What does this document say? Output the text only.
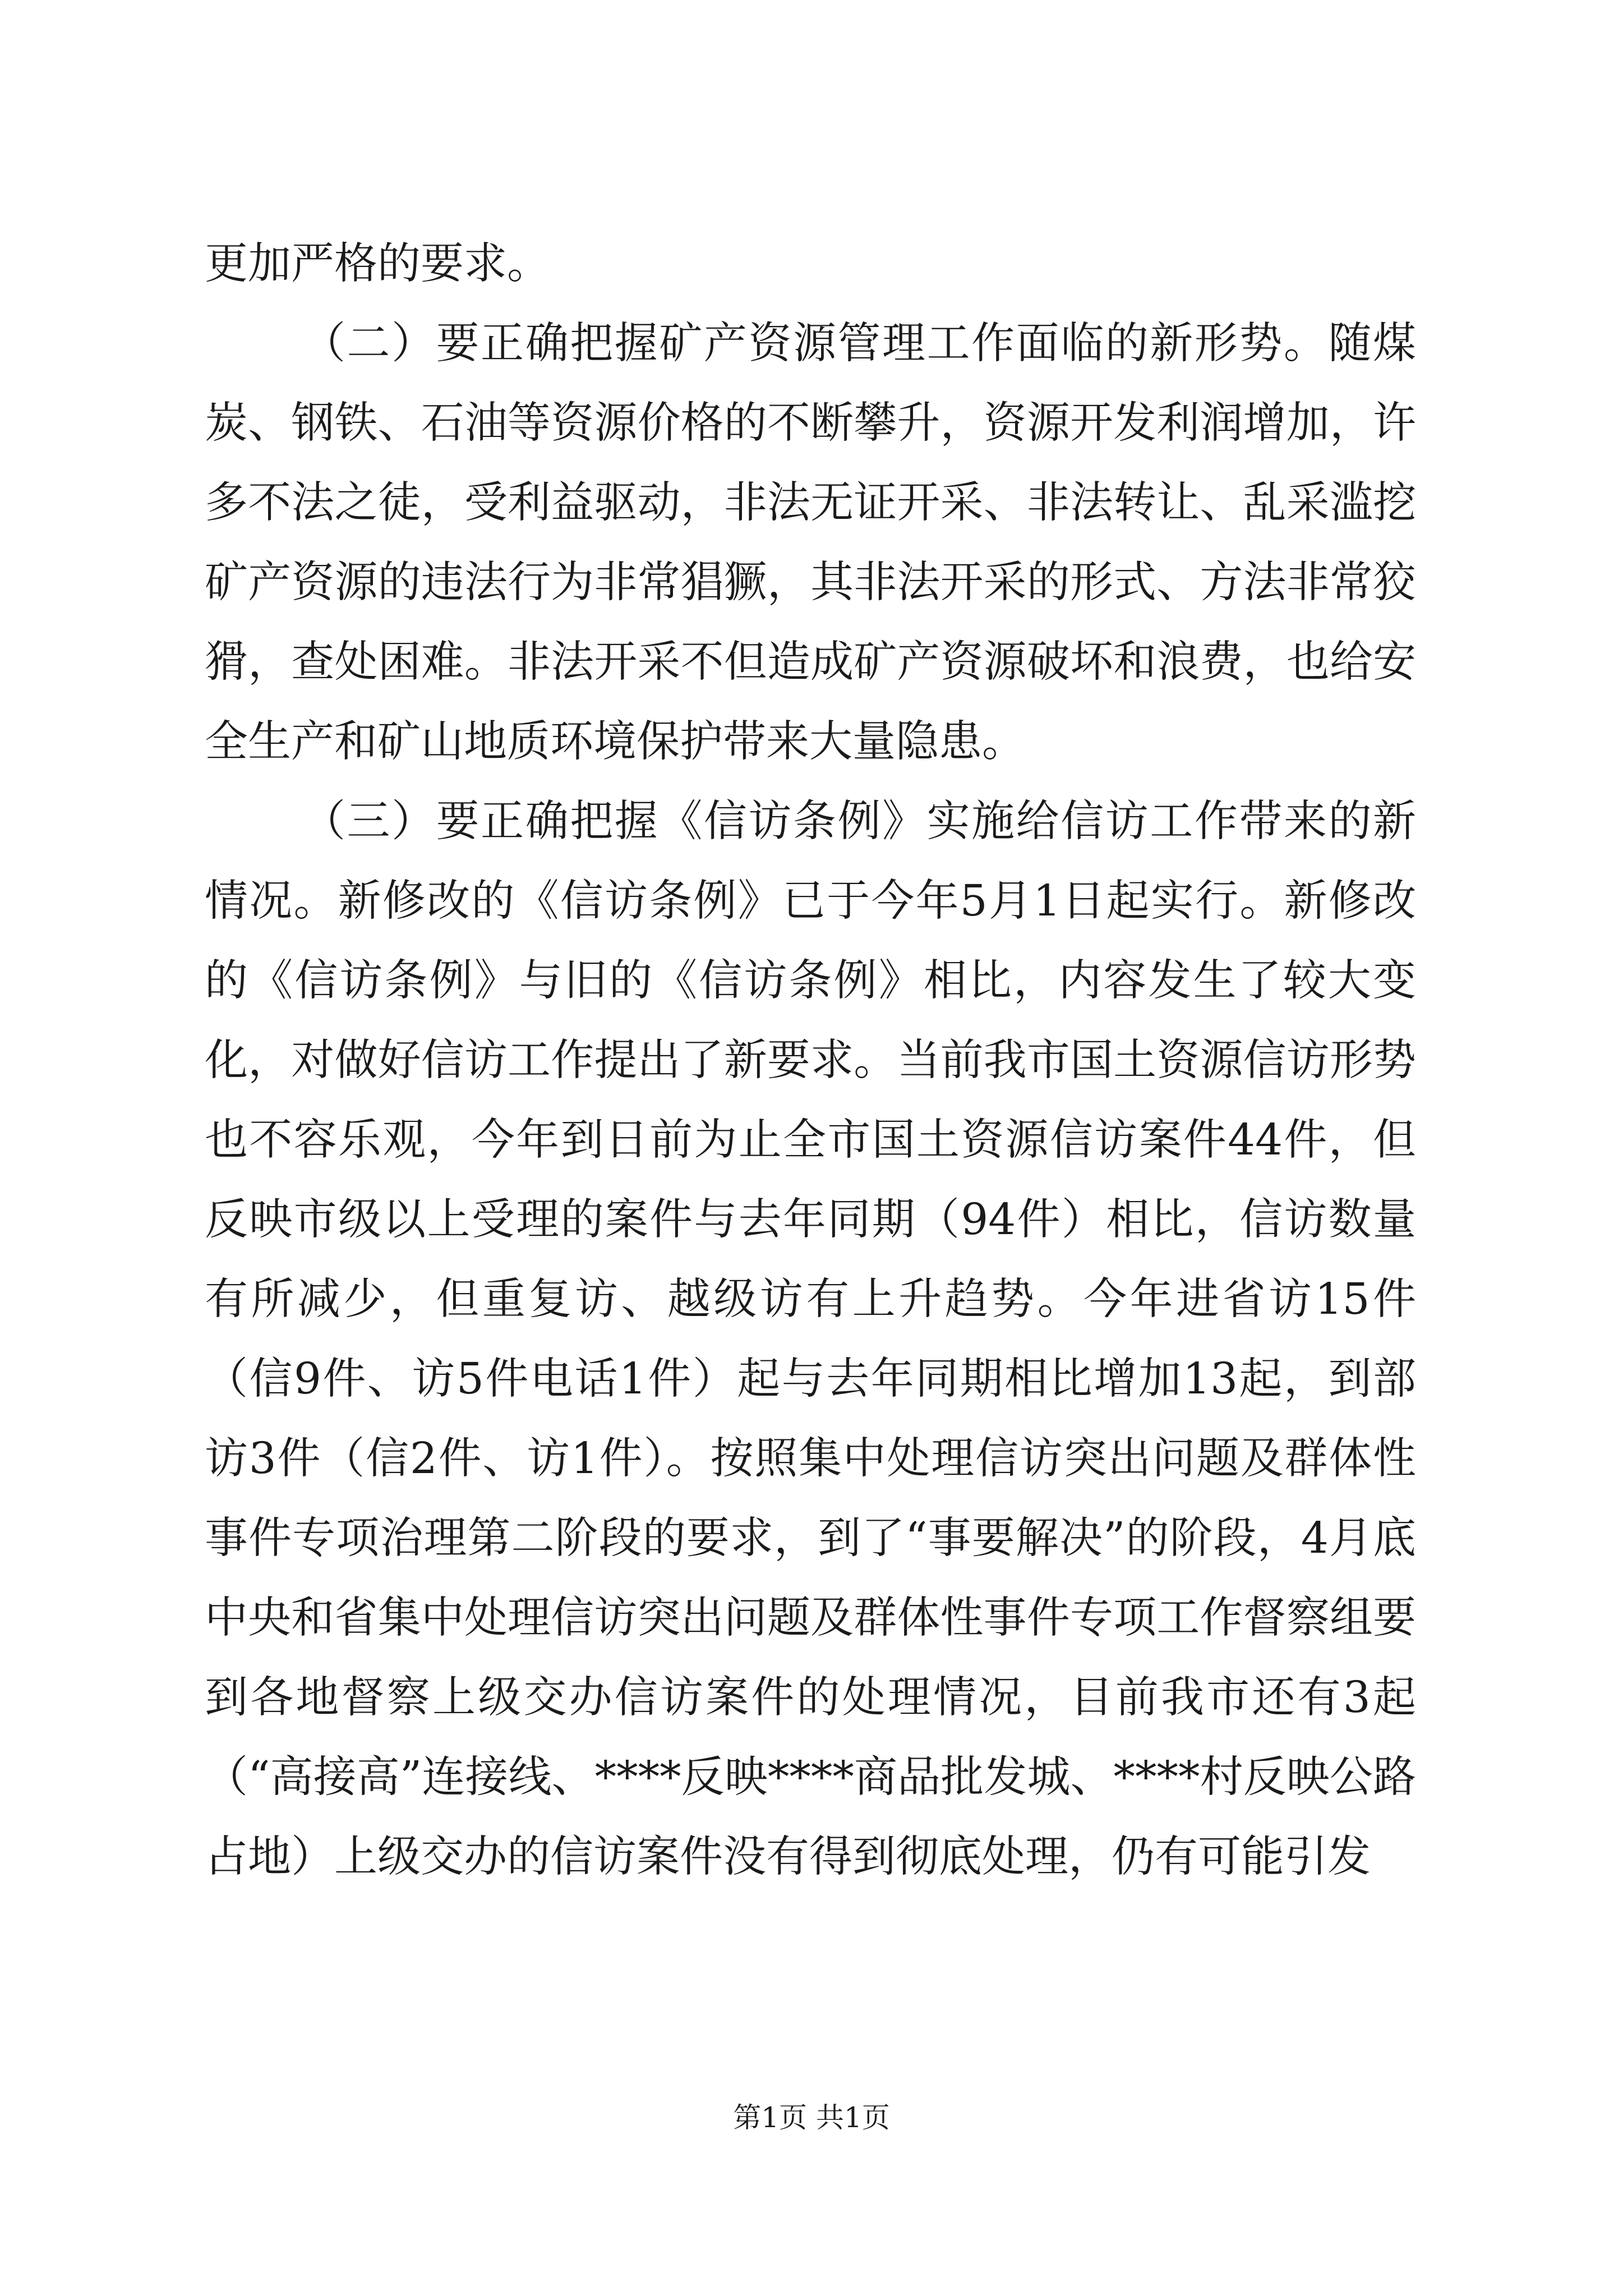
更加严格的要求。

（二）要正确把握矿产资源管理工作面临的新形势。随煤炭、钢铁、石油等资源价格的不断攀升，资源开发利润增加，许多不法之徒，受利益驱动，非法无证开采、非法转让、乱采滥挖矿产资源的违法行为非常猖獗，其非法开采的形式、方法非常狡猾，查处困难。非法开采不但造成矿产资源破坏和浪费，也给安全生产和矿山地质环境保护带来大量隐患。

（三）要正确把握《信访条例》实施给信访工作带来的新情况。新修改的《信访条例》已于今年5月1日起实行。新修改的《信访条例》与旧的《信访条例》相比，内容发生了较大变化，对做好信访工作提出了新要求。当前我市国土资源信访形势也不容乐观，今年到日前为止全市国土资源信访案件44件，但反映市级以上受理的案件与去年同期（94件）相比，信访数量有所减少，但重复访、越级访有上升趋势。今年进省访15件（信9件、访5件电话1件）起与去年同期相比增加13起，到部访3件（信2件、访1件）。按照集中处理信访突出问题及群体性事件专项治理第二阶段的要求，到了“事要解决”的阶段，4月底中央和省集中处理信访突出问题及群体性事件专项工作督察组要到各地督察上级交办信访案件的处理情况，目前我市还有3起（“高接高”连接线、****反映****商品批发城、****村反映公路占地）上级交办的信访案件没有得到彻底处理，仍有可能引发

第1页 共1页
